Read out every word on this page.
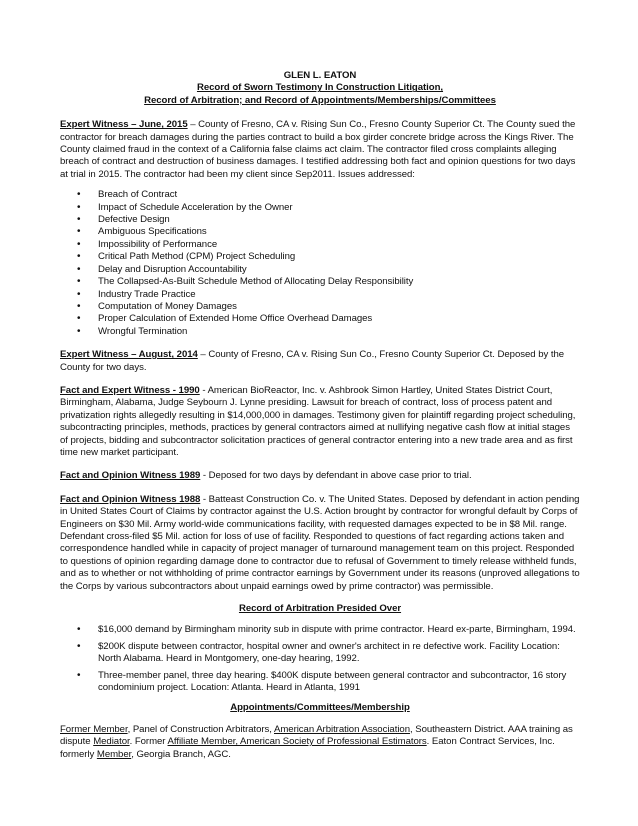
GLEN L. EATON
Record of Sworn Testimony In Construction Litigation,
Record of Arbitration; and Record of Appointments/Memberships/Committees
Expert Witness – June, 2015 – County of Fresno, CA v. Rising Sun Co., Fresno County Superior Ct. The County sued the contractor for breach damages during the parties contract to build a box girder concrete bridge across the Kings River. The County claimed fraud in the context of a California false claims act claim. The contractor filed cross complaints alleging breach of contract and destruction of business damages. I testified addressing both fact and opinion questions for two days at trial in 2015. The contractor had been my client since Sep2011. Issues addressed:
• Breach of Contract
• Impact of Schedule Acceleration by the Owner
• Defective Design
• Ambiguous Specifications
• Impossibility of Performance
• Critical Path Method (CPM) Project Scheduling
• Delay and Disruption Accountability
• The Collapsed-As-Built Schedule Method of Allocating Delay Responsibility
• Industry Trade Practice
• Computation of Money Damages
• Proper Calculation of Extended Home Office Overhead Damages
• Wrongful Termination
Expert Witness – August, 2014 – County of Fresno, CA v. Rising Sun Co., Fresno County Superior Ct. Deposed by the County for two days.
Fact and Expert Witness - 1990 - American BioReactor, Inc. v. Ashbrook Simon Hartley, United States District Court, Birmingham, Alabama, Judge Seybourn J. Lynne presiding. Lawsuit for breach of contract, loss of process patent and privatization rights allegedly resulting in $14,000,000 in damages. Testimony given for plaintiff regarding project scheduling, subcontracting principles, methods, practices by general contractors aimed at nullifying negative cash flow at initial stages of projects, bidding and subcontractor solicitation practices of general contractor entering into a new trade area and as first time new market participant.
Fact and Opinion Witness 1989 - Deposed for two days by defendant in above case prior to trial.
Fact and Opinion Witness 1988 - Batteast Construction Co. v. The United States. Deposed by defendant in action pending in United States Court of Claims by contractor against the U.S. Action brought by contractor for wrongful default by Corps of Engineers on $30 Mil. Army world-wide communications facility, with requested damages expected to be in $8 Mil. range. Defendant cross-filed $5 Mil. action for loss of use of facility. Responded to questions of fact regarding actions taken and correspondence handled while in capacity of project manager of turnaround management team on this project. Responded to questions of opinion regarding damage done to contractor due to refusal of Government to timely release withheld funds, and as to whether or not withholding of prime contractor earnings by Government under its reasons (unproved allegations to the Corps by various subcontractors about unpaid earnings owed by prime contractor) was permissible.
Record of Arbitration Presided Over
• $16,000 demand by Birmingham minority sub in dispute with prime contractor. Heard ex-parte, Birmingham, 1994.
• $200K dispute between contractor, hospital owner and owner's architect in re defective work. Facility Location: North Alabama. Heard in Montgomery, one-day hearing, 1992.
• Three-member panel, three day hearing. $400K dispute between general contractor and subcontractor, 16 story condominium project. Location: Atlanta. Heard in Atlanta, 1991
Appointments/Committees/Membership
Former Member, Panel of Construction Arbitrators, American Arbitration Association, Southeastern District. AAA training as dispute Mediator. Former Affiliate Member, American Society of Professional Estimators. Eaton Contract Services, Inc. formerly Member, Georgia Branch, AGC.
